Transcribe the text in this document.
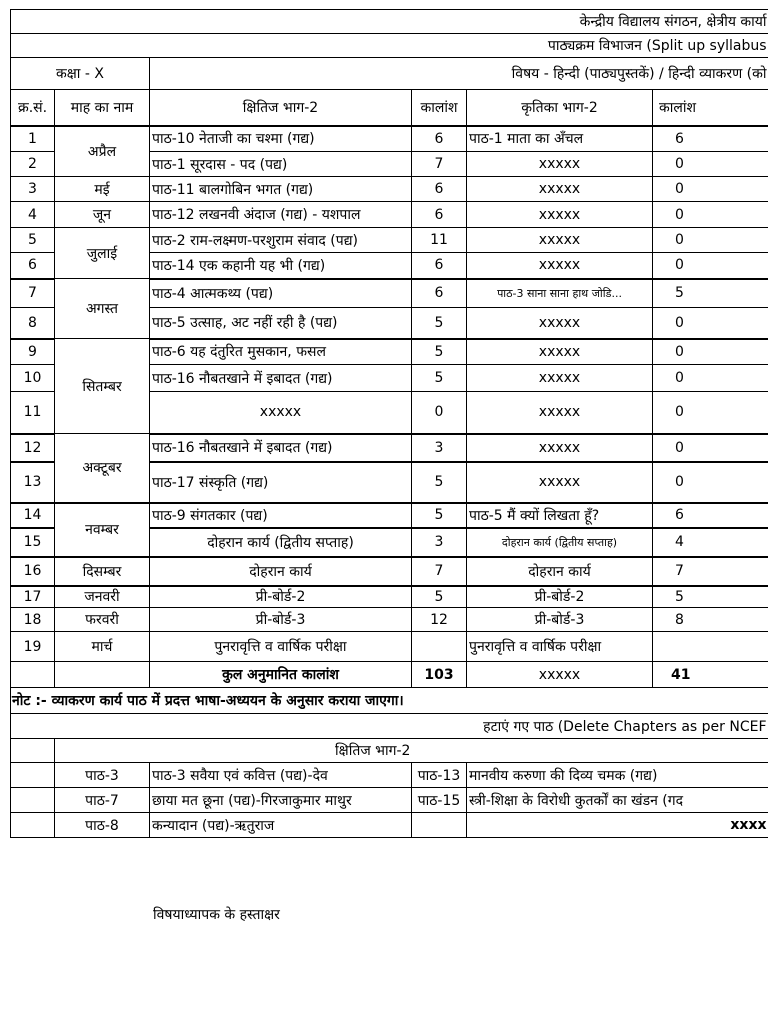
केन्द्रीय विद्यालय संगठन, क्षेत्रीय कार्या					
पाठ्यक्रम विभाजन (Split up syllabus					
कक्षा - X		विषय - हिन्दी (पाठ्यपुस्तकें) / हिन्दी व्याकरण (को			
क्र.सं.	माह का नाम	क्षितिज भाग-2	कालांश	कृतिका भाग-2	कालांश
1	अप्रैल	पाठ-10 नेताजी का चश्मा (गद्य)	6	पाठ-1 माता का अँचल	6
2		पाठ-1 सूरदास - पद (पद्य)	7	xxxxx	0
3	मई	पाठ-11 बालगोबिन भगत (गद्य)	6	xxxxx	0
4	जून	पाठ-12 लखनवी अंदाज (गद्य) - यशपाल	6	xxxxx	0
5	जुलाई	पाठ-2 राम-लक्ष्मण-परशुराम संवाद (पद्य)	11	xxxxx	0
6		पाठ-14 एक कहानी यह भी (गद्य)	6	xxxxx	0
7	अगस्त	पाठ-4 आत्मकथ्य (पद्य)	6	पाठ-3 साना साना हाथ जोडि...	5
8		पाठ-5 उत्साह, अट नहीं रही है (पद्य)	5	xxxxx	0
9	सितम्बर	पाठ-6 यह दंतुरित मुसकान, फसल	5	xxxxx	0
10		पाठ-16 नौबतखाने में इबादत (गद्य)	5	xxxxx	0
11		xxxxx	0	xxxxx	0
12	अक्टूबर	पाठ-16 नौबतखाने में इबादत (गद्य)	3	xxxxx	0
13		पाठ-17 संस्कृति (गद्य)	5	xxxxx	0
14	नवम्बर	पाठ-9 संगतकार (पद्य)	5	पाठ-5 मैं क्यों लिखता हूँ?	6
15		दोहरान कार्य (द्वितीय सप्ताह)	3	दोहरान कार्य (द्वितीय सप्ताह)	4
16	दिसम्बर	दोहरान कार्य	7	दोहरान कार्य	7
17	जनवरी	प्री-बोर्ड-2	5	प्री-बोर्ड-2	5
18	फरवरी	प्री-बोर्ड-3	12	प्री-बोर्ड-3	8
19	मार्च	पुनरावृत्ति व वार्षिक परीक्षा		पुनरावृत्ति व वार्षिक परीक्षा	
		कुल अनुमानित कालांश	103	xxxxx	41
नोट :- व्याकरण कार्य पाठ में प्रदत्त भाषा-अध्ययन के अनुसार कराया जाएगा।					
हटाएं गए पाठ (Delete Chapters as per NCEF					
	क्षितिज भाग-2				
	पाठ-3	पाठ-3 सवैया एवं कवित्त (पद्य)-देव	पाठ-13	मानवीय करुणा की दिव्य चमक (गद्य)	
	पाठ-7	छाया मत छूना (पद्य)-गिरजाकुमार माथुर	पाठ-15	स्त्री-शिक्षा के विरोधी कुतर्कों का खंडन (गद	
	पाठ-8	कन्यादान (पद्य)-ऋतुराज		xxxx	
विषयाध्यापक के हस्ताक्षर
